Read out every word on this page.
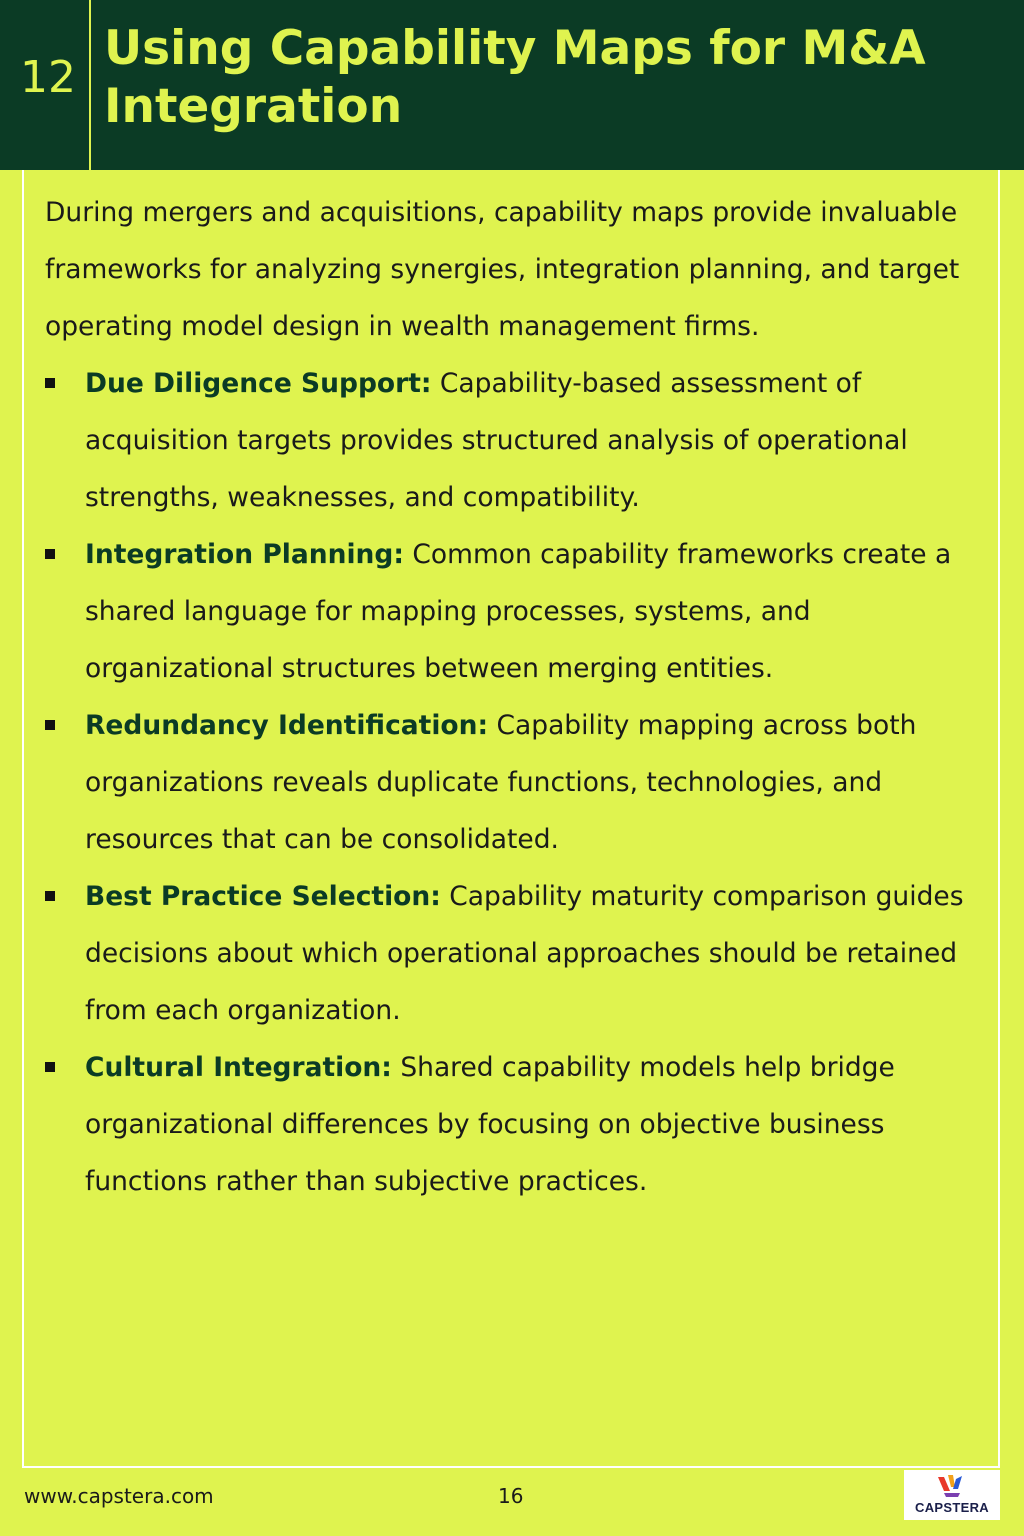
12
Using Capability Maps for M&A Integration

During mergers and acquisitions, capability maps provide invaluable frameworks for analyzing synergies, integration planning, and target operating model design in wealth management firms.

Due Diligence Support: Capability-based assessment of acquisition targets provides structured analysis of operational strengths, weaknesses, and compatibility.
Integration Planning: Common capability frameworks create a shared language for mapping processes, systems, and organizational structures between merging entities.
Redundancy Identification: Capability mapping across both organizations reveals duplicate functions, technologies, and resources that can be consolidated.
Best Practice Selection: Capability maturity comparison guides decisions about which operational approaches should be retained from each organization.
Cultural Integration: Shared capability models help bridge organizational differences by focusing on objective business functions rather than subjective practices.
www.capstera.com	16	CAPSTERA
